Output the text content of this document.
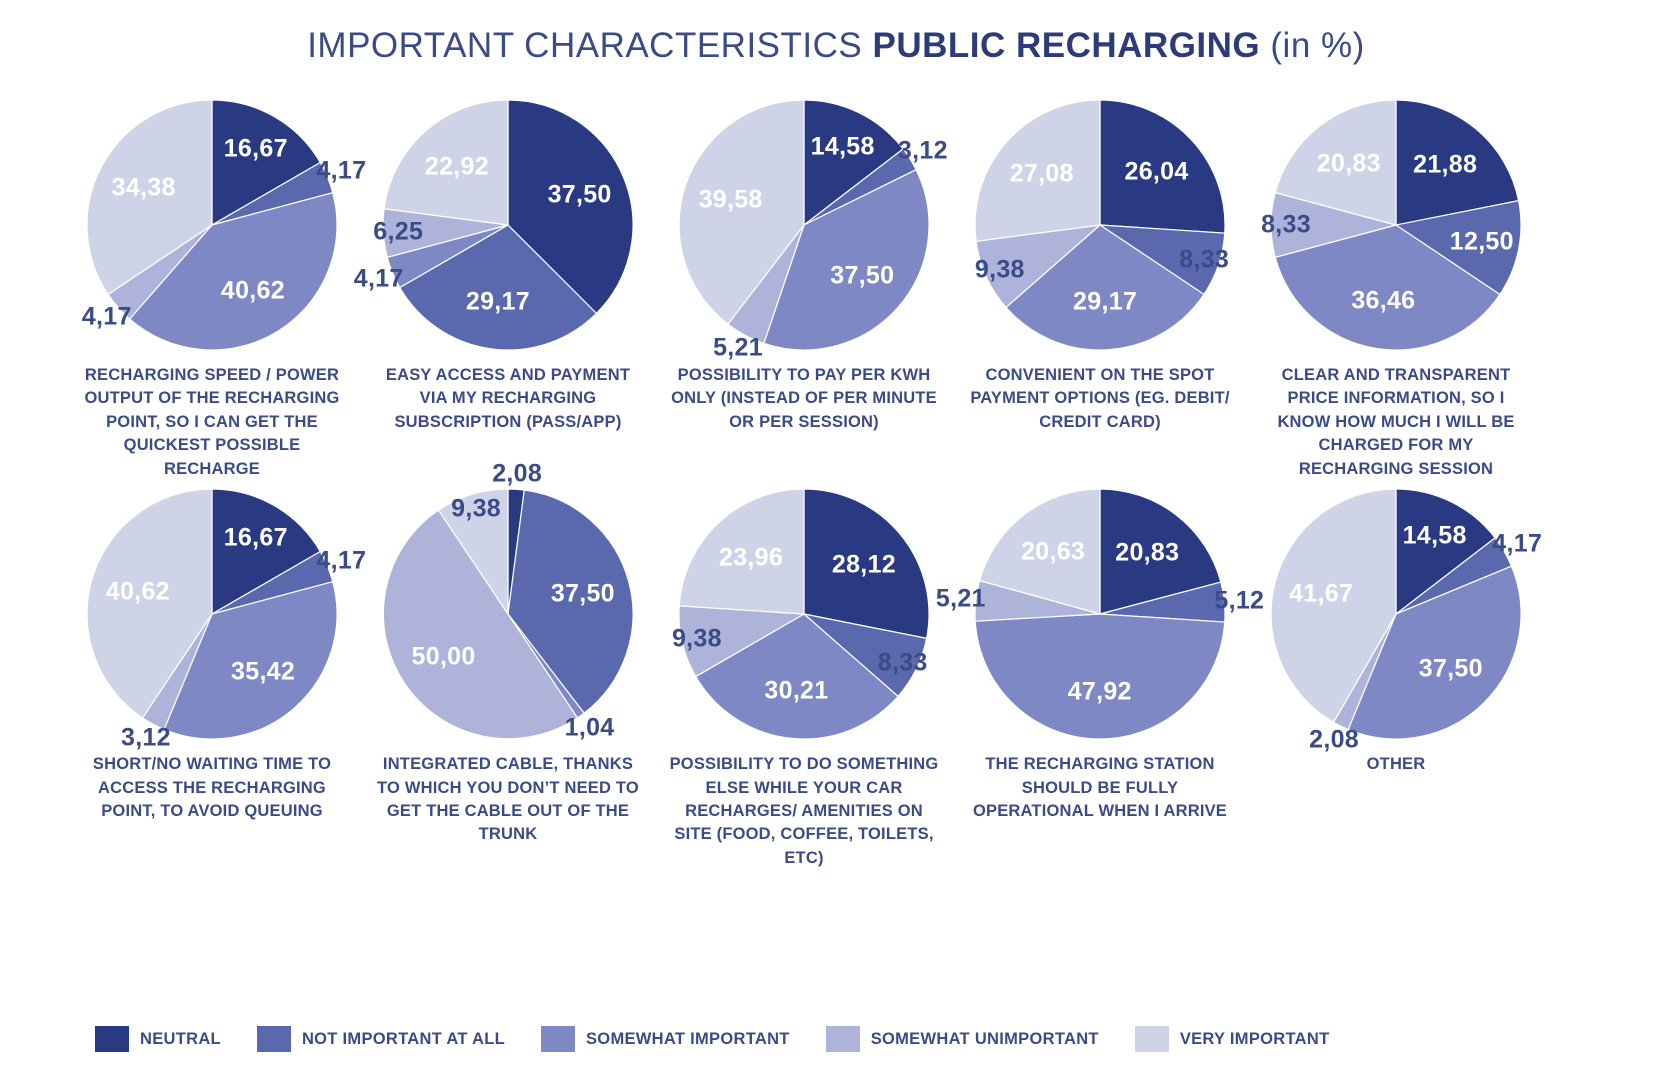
IMPORTANT CHARACTERISTICS PUBLIC RECHARGING (in %)
16,67
4,17
40,62
4,17
34,38
RECHARGING SPEED / POWER OUTPUT OF THE RECHARGING POINT, SO I CAN GET THE QUICKEST POSSIBLE RECHARGE
37,50
29,17
4,17
6,25
22,92
EASY ACCESS AND PAYMENT VIA MY RECHARGING SUBSCRIPTION (PASS/APP)
14,58 3,12
37,50
5,21
39,58
POSSIBILITY TO PAY PER KWH ONLY (INSTEAD OF PER MINUTE OR PER SESSION)
26,04
8,33
29,17
9,38
27,08
CONVENIENT ON THE SPOT PAYMENT OPTIONS (EG. DEBIT/ CREDIT CARD)
21,88
12,50
36,46
8,33
20,83
CLEAR AND TRANSPARENT PRICE INFORMATION, SO I KNOW HOW MUCH I WILL BE CHARGED FOR MY RECHARGING SESSION
16,67
4,17
35,42
3,12
40,62
SHORT/NO WAITING TIME TO ACCESS THE RECHARGING POINT, TO AVOID QUEUING
2,08
37,50
1,04
50,00
9,38
INTEGRATED CABLE, THANKS TO WHICH YOU DON’T NEED TO GET THE CABLE OUT OF THE TRUNK
28,12
8,33
30,21
9,38
23,96
POSSIBILITY TO DO SOMETHING ELSE WHILE YOUR CAR RECHARGES/ AMENITIES ON SITE (FOOD, COFFEE, TOILETS, ETC)
20,83
5,12
47,92
5,21
20,63
THE RECHARGING STATION SHOULD BE FULLY OPERATIONAL WHEN I ARRIVE
14,58 4,17
37,50
2,08
41,67
OTHER
NEUTRAL	NOT IMPORTANT AT ALL	SOMEWHAT IMPORTANT	SOMEWHAT UNIMPORTANT	VERY IMPORTANT
